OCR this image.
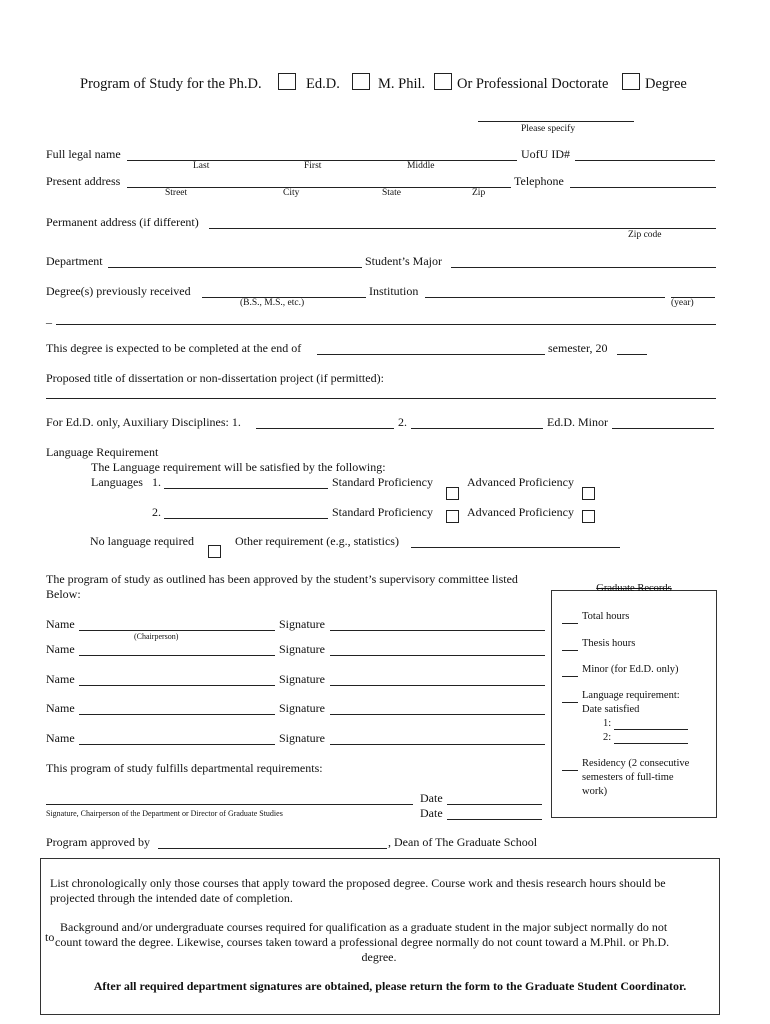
Program of Study for the Ph.D.	Ed.D.	M. Phil. Or Professional Doctorate	Degree
Please specify
Full legal name	UofU ID#
Last	First	Middle
Present address	Telephone
Street	City	State	Zip
Permanent address (if different)
Zip code
Department	Student’s Major
Degree(s) previously received	Institution
(B.S., M.S., etc.)	(year)
_
This degree is expected to be completed at the end of	semester, 20
Proposed title of dissertation or non-dissertation project (if permitted):
For Ed.D. only, Auxiliary Disciplines: 1.	2.	Ed.D. Minor
Language Requirement
The Language requirement will be satisfied by the following:
Languages 1.	Standard Proficiency	Advanced Proficiency
2.	Standard Proficiency	Advanced Proficiency
No language required	Other requirement (e.g., statistics)
The program of study as outlined has been approved by the student’s supervisory committee listed
Below:
Name	Signature
(Chairperson)
Name	Signature
Name	Signature
Name	Signature
Name	Signature
This program of study fulfills departmental requirements:
Date
Signature, Chairperson of the Department or Director of Graduate Studies	Date
Program approved by	, Dean of The Graduate School
Graduate Records
Total hours
Thesis hours
Minor (for Ed.D. only)
Language requirement:
Date satisfied
1:
2:
Residency (2 consecutive
semesters of full-time
work)
List chronologically only those courses that apply toward the proposed degree. Course work and thesis research hours should be
projected through the intended date of completion.
Background and/or undergraduate courses required for qualification as a graduate student in the major subject normally do not
to count toward the degree. Likewise, courses taken toward a professional degree normally do not count toward a M.Phil. or Ph.D.
degree.
After all required department signatures are obtained, please return the form to the Graduate Student Coordinator.
